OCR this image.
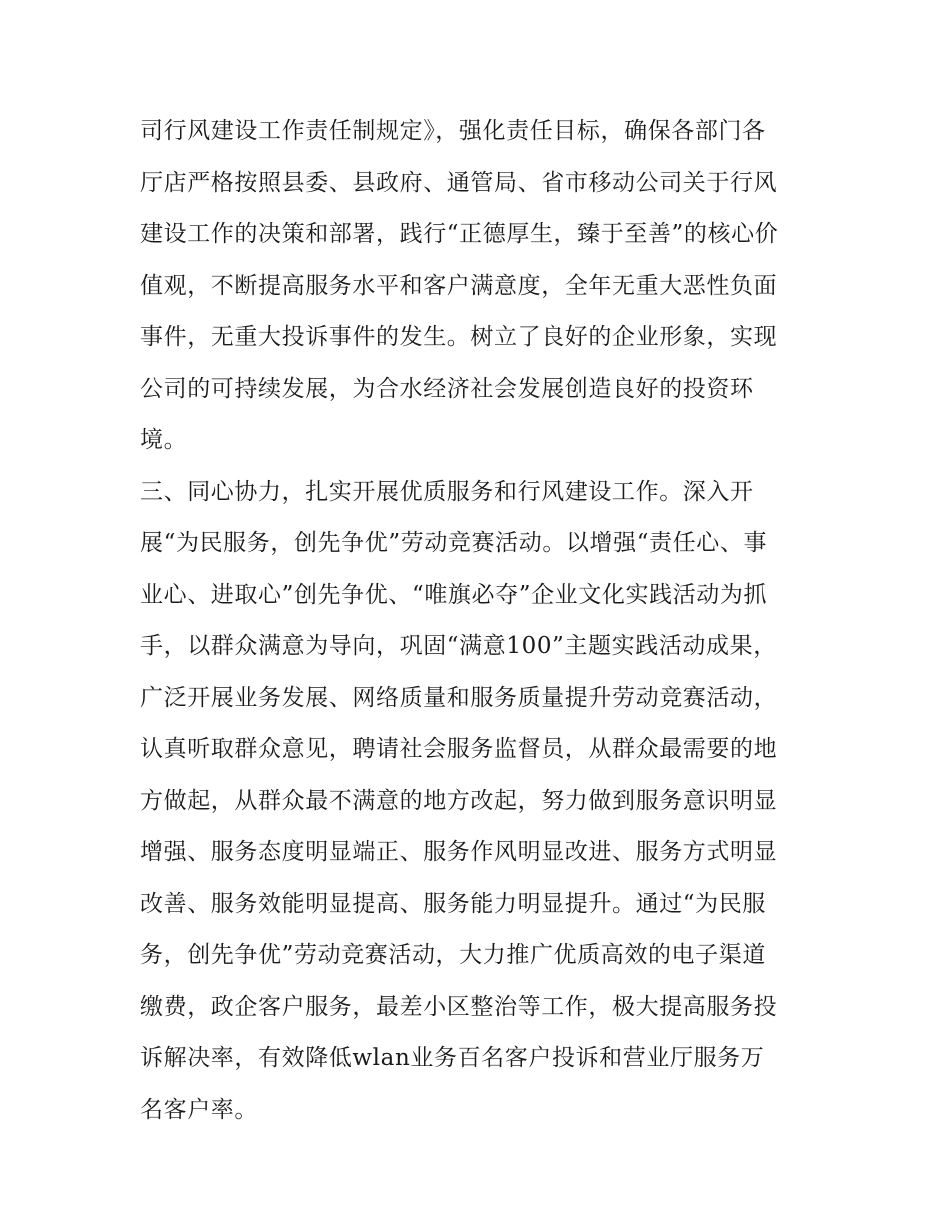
司行风建设工作责任制规定》，强化责任目标，确保各部门各
厅店严格按照县委、县政府、通管局、省市移动公司关于行风
建设工作的决策和部署，践行“正德厚生，臻于至善”的核心价
值观，不断提高服务水平和客户满意度，全年无重大恶性负面
事件，无重大投诉事件的发生。树立了良好的企业形象，实现
公司的可持续发展，为合水经济社会发展创造良好的投资环
境。
三、同心协力，扎实开展优质服务和行风建设工作。深入开
展“为民服务，创先争优”劳动竞赛活动。以增强“责任心、事
业心、进取心”创先争优、“唯旗必夺”企业文化实践活动为抓
手，以群众满意为导向，巩固“满意100”主题实践活动成果，
广泛开展业务发展、网络质量和服务质量提升劳动竞赛活动，
认真听取群众意见，聘请社会服务监督员，从群众最需要的地
方做起，从群众最不满意的地方改起，努力做到服务意识明显
增强、服务态度明显端正、服务作风明显改进、服务方式明显
改善、服务效能明显提高、服务能力明显提升。通过“为民服
务，创先争优”劳动竞赛活动，大力推广优质高效的电子渠道
缴费，政企客户服务，最差小区整治等工作，极大提高服务投
诉解决率，有效降低wlan业务百名客户投诉和营业厅服务万
名客户率。
